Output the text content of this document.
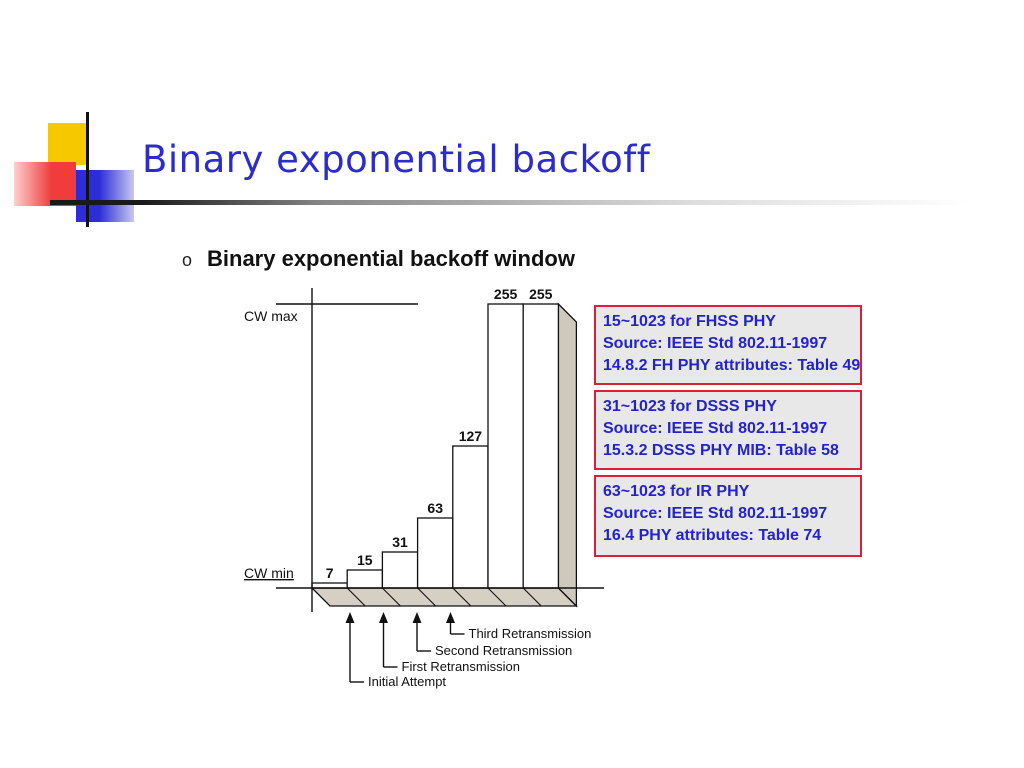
Binary exponential backoff
o Binary exponential backoff window
7
15
31
63
127
255 255
CW max
CW min
Initial Attempt
First Retransmission
Second Retransmission
Third Retransmission
15~1023 for FHSS PHY
Source: IEEE Std 802.11-1997
14.8.2 FH PHY attributes: Table 49
31~1023 for DSSS PHY
Source: IEEE Std 802.11-1997
15.3.2 DSSS PHY MIB: Table 58
63~1023 for IR PHY
Source: IEEE Std 802.11-1997
16.4 PHY attributes: Table 74
